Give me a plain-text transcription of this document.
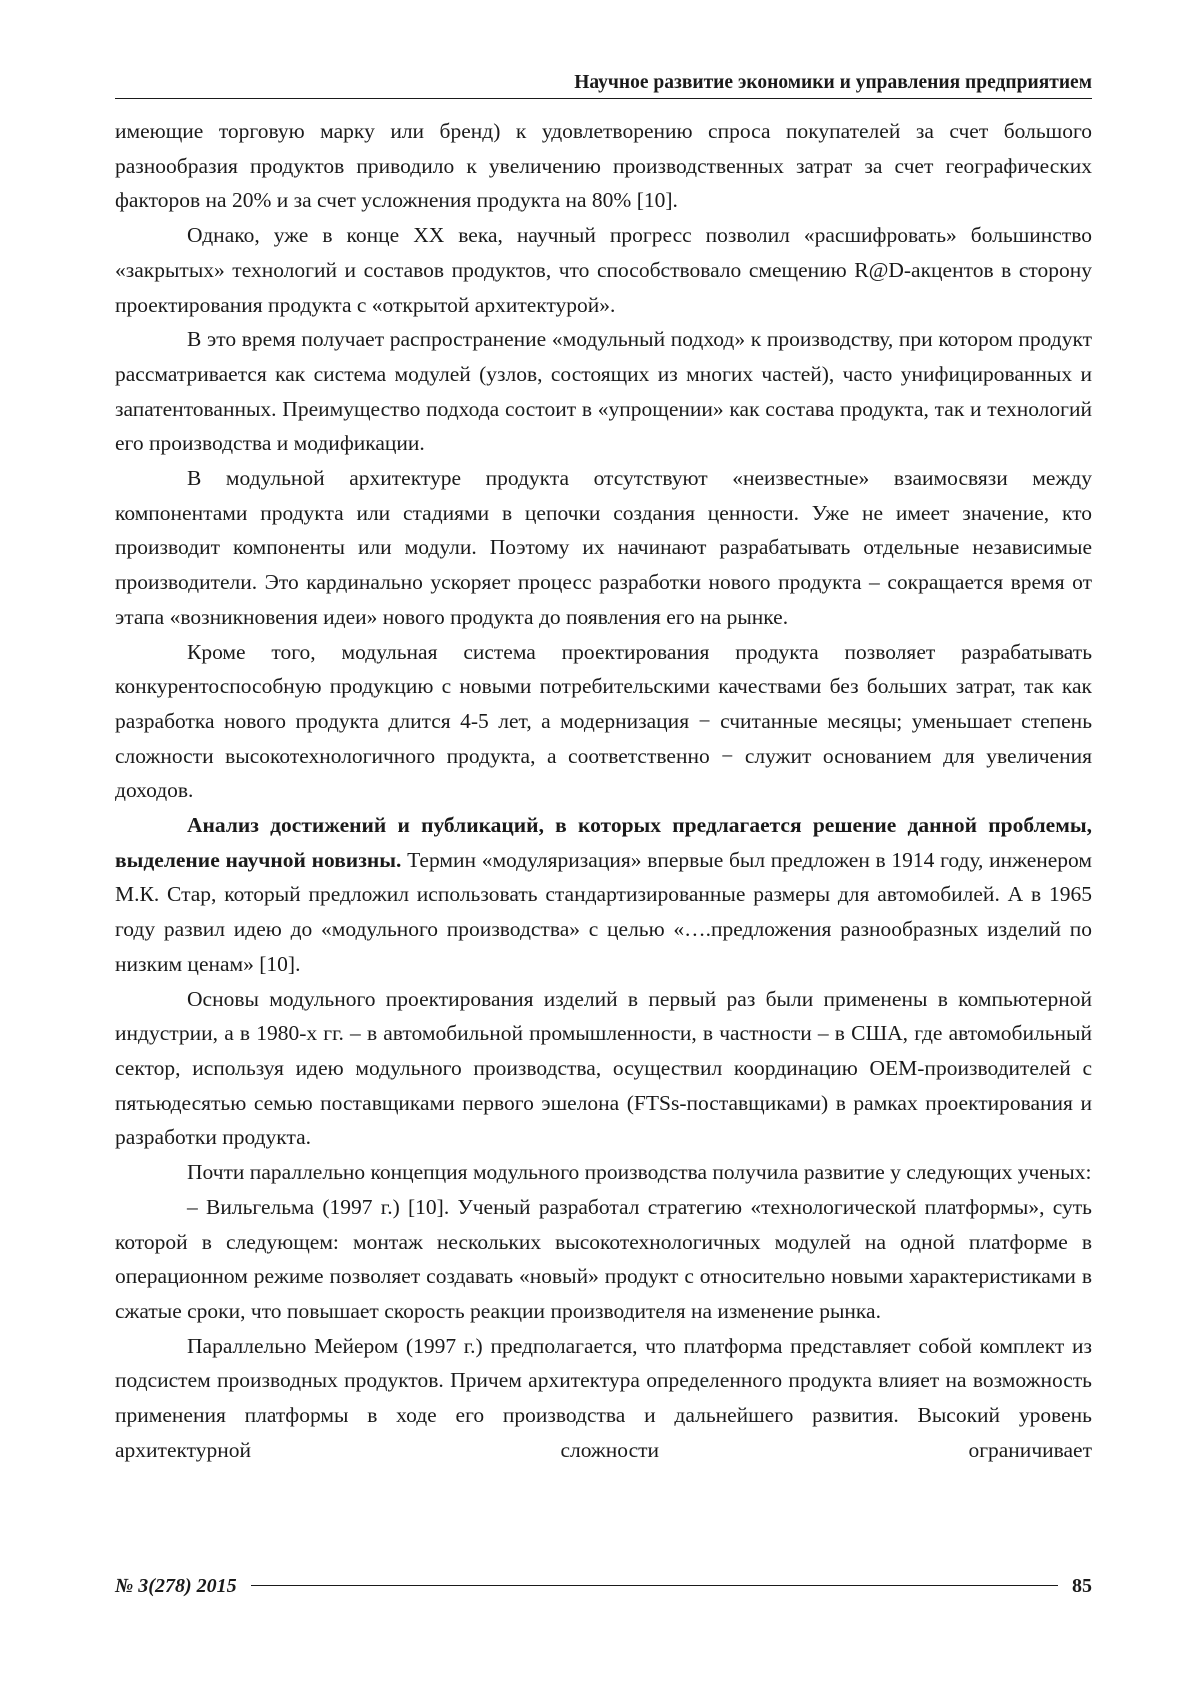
Научное развитие экономики и управления предприятием

имеющие торговую марку или бренд) к удовлетворению спроса покупателей за счет большого разнообразия продуктов приводило к увеличению производственных затрат за счет географических факторов на 20% и за счет усложнения продукта на 80% [10].

Однако, уже в конце XX века, научный прогресс позволил «расшифровать» большинство «закрытых» технологий и составов продуктов, что способствовало смещению R@D-акцентов в сторону проектирования продукта с «открытой архитектурой».

В это время получает распространение «модульный подход» к производству, при котором продукт рассматривается как система модулей (узлов, состоящих из многих частей), часто унифицированных и запатентованных. Преимущество подхода состоит в «упрощении» как состава продукта, так и технологий его производства и модификации.

В модульной архитектуре продукта отсутствуют «неизвестные» взаимосвязи между компонентами продукта или стадиями в цепочки создания ценности. Уже не имеет значение, кто производит компоненты или модули. Поэтому их начинают разрабатывать отдельные независимые производители. Это кардинально ускоряет процесс разработки нового продукта – сокращается время от этапа «возникновения идеи» нового продукта до появления его на рынке.

Кроме того, модульная система проектирования продукта позволяет разрабатывать конкурентоспособную продукцию с новыми потребительскими качествами без больших затрат, так как разработка нового продукта длится 4-5 лет, а модернизация − считанные месяцы; уменьшает степень сложности высокотехнологичного продукта, а соответственно − служит основанием для увеличения доходов.

Анализ достижений и публикаций, в которых предлагается решение данной проблемы, выделение научной новизны. Термин «модуляризация» впервые был предложен в 1914 году, инженером М.К. Стар, который предложил использовать стандартизированные размеры для автомобилей. А в 1965 году развил идею до «модульного производства» с целью «….предложения разнообразных изделий по низким ценам» [10].

Основы модульного проектирования изделий в первый раз были применены в компьютерной индустрии, а в 1980-х гг. – в автомобильной промышленности, в частности – в США, где автомобильный сектор, используя идею модульного производства, осуществил координацию OEM-производителей с пятьюдесятью семью поставщиками первого эшелона (FTSs-поставщиками) в рамках проектирования и разработки продукта.

Почти параллельно концепция модульного производства получила развитие у следующих ученых:

– Вильгельма (1997 г.) [10]. Ученый разработал стратегию «технологической платформы», суть которой в следующем: монтаж нескольких высокотехнологичных модулей на одной платформе в операционном режиме позволяет создавать «новый» продукт с относительно новыми характеристиками в сжатые сроки, что повышает скорость реакции производителя на изменение рынка.

Параллельно Мейером (1997 г.) предполагается, что платформа представляет собой комплект из подсистем производных продуктов. Причем архитектура определенного продукта влияет на возможность применения платформы в ходе его производства и дальнейшего развития. Высокий уровень архитектурной сложности ограничивает

№ 3(278) 2015	85
